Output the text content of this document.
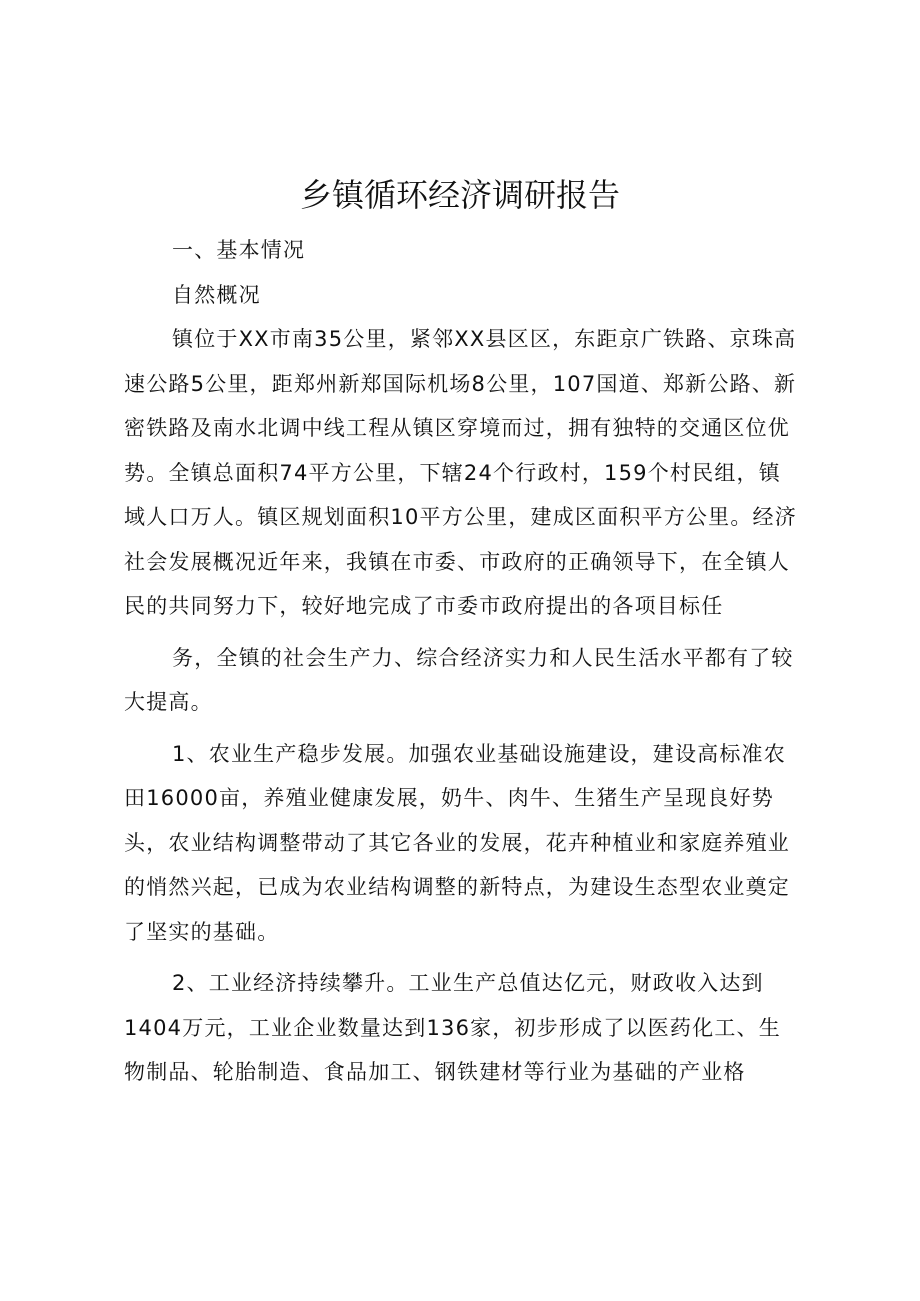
乡镇循环经济调研报告

一、基本情况

自然概况

镇位于XX市南35公里，紧邻XX县区区，东距京广铁路、京珠高速公路5公里，距郑州新郑国际机场8公里，107国道、郑新公路、新密铁路及南水北调中线工程从镇区穿境而过，拥有独特的交通区位优势。全镇总面积74平方公里，下辖24个行政村，159个村民组，镇域人口万人。镇区规划面积10平方公里，建成区面积平方公里。经济社会发展概况近年来，我镇在市委、市政府的正确领导下，在全镇人民的共同努力下，较好地完成了市委市政府提出的各项目标任

务，全镇的社会生产力、综合经济实力和人民生活水平都有了较大提高。

1、农业生产稳步发展。加强农业基础设施建设，建设高标准农田16000亩，养殖业健康发展，奶牛、肉牛、生猪生产呈现良好势头，农业结构调整带动了其它各业的发展，花卉种植业和家庭养殖业的悄然兴起，已成为农业结构调整的新特点，为建设生态型农业奠定了坚实的基础。

2、工业经济持续攀升。工业生产总值达亿元，财政收入达到1404万元，工业企业数量达到136家，初步形成了以医药化工、生物制品、轮胎制造、食品加工、钢铁建材等行业为基础的产业格
